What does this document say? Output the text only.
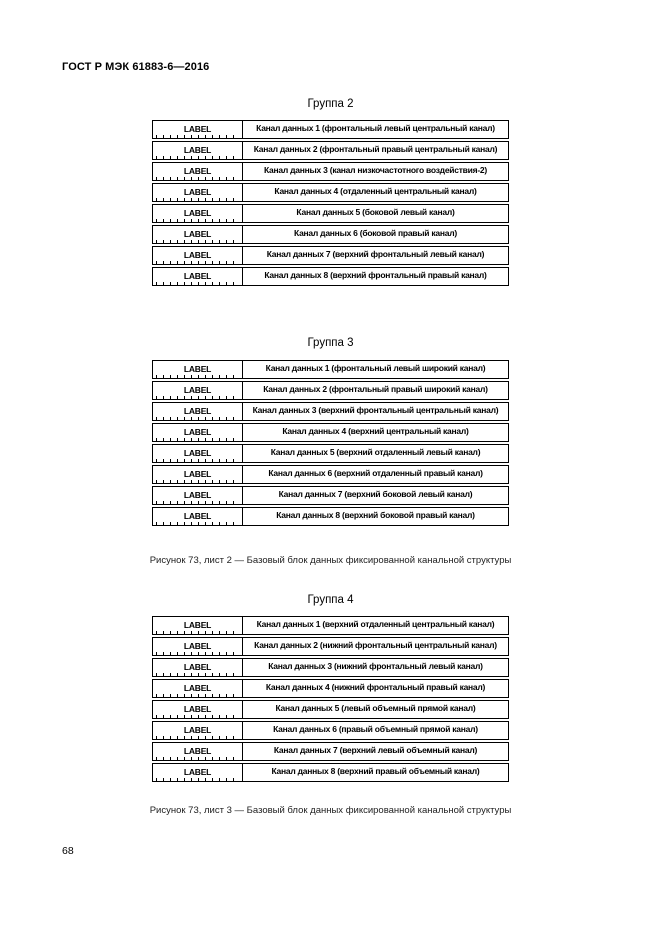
ГОСТ Р МЭК 61883-6—2016
Группа 2
LABEL	Канал данных 1 (фронтальный левый центральный канал)
LABEL	Канал данных 2 (фронтальный правый центральный канал)
LABEL	Канал данных 3 (канал низкочастотного воздействия-2)
LABEL	Канал данных 4 (отдаленный центральный канал)
LABEL	Канал данных 5 (боковой левый канал)
LABEL	Канал данных 6 (боковой правый канал)
LABEL	Канал данных 7 (верхний фронтальный левый канал)
LABEL	Канал данных 8 (верхний фронтальный правый канал)
Группа 3
LABEL	Канал данных 1 (фронтальный левый широкий канал)
LABEL	Канал данных 2 (фронтальный правый широкий канал)
LABEL	Канал данных 3 (верхний фронтальный центральный канал)
LABEL	Канал данных 4 (верхний центральный канал)
LABEL	Канал данных 5 (верхний отдаленный левый канал)
LABEL	Канал данных 6 (верхний отдаленный правый канал)
LABEL	Канал данных 7 (верхний боковой левый канал)
LABEL	Канал данных 8 (верхний боковой правый канал)
Рисунок 73, лист 2 — Базовый блок данных фиксированной канальной структуры
Группа 4
LABEL	Канал данных 1 (верхний отдаленный центральный канал)
LABEL	Канал данных 2 (нижний фронтальный центральный канал)
LABEL	Канал данных 3 (нижний фронтальный левый канал)
LABEL	Канал данных 4 (нижний фронтальный правый канал)
LABEL	Канал данных 5 (левый объемный прямой канал)
LABEL	Канал данных 6 (правый объемный прямой канал)
LABEL	Канал данных 7 (верхний левый объемный канал)
LABEL	Канал данных 8 (верхний правый объемный канал)
Рисунок 73, лист 3 — Базовый блок данных фиксированной канальной структуры
68
